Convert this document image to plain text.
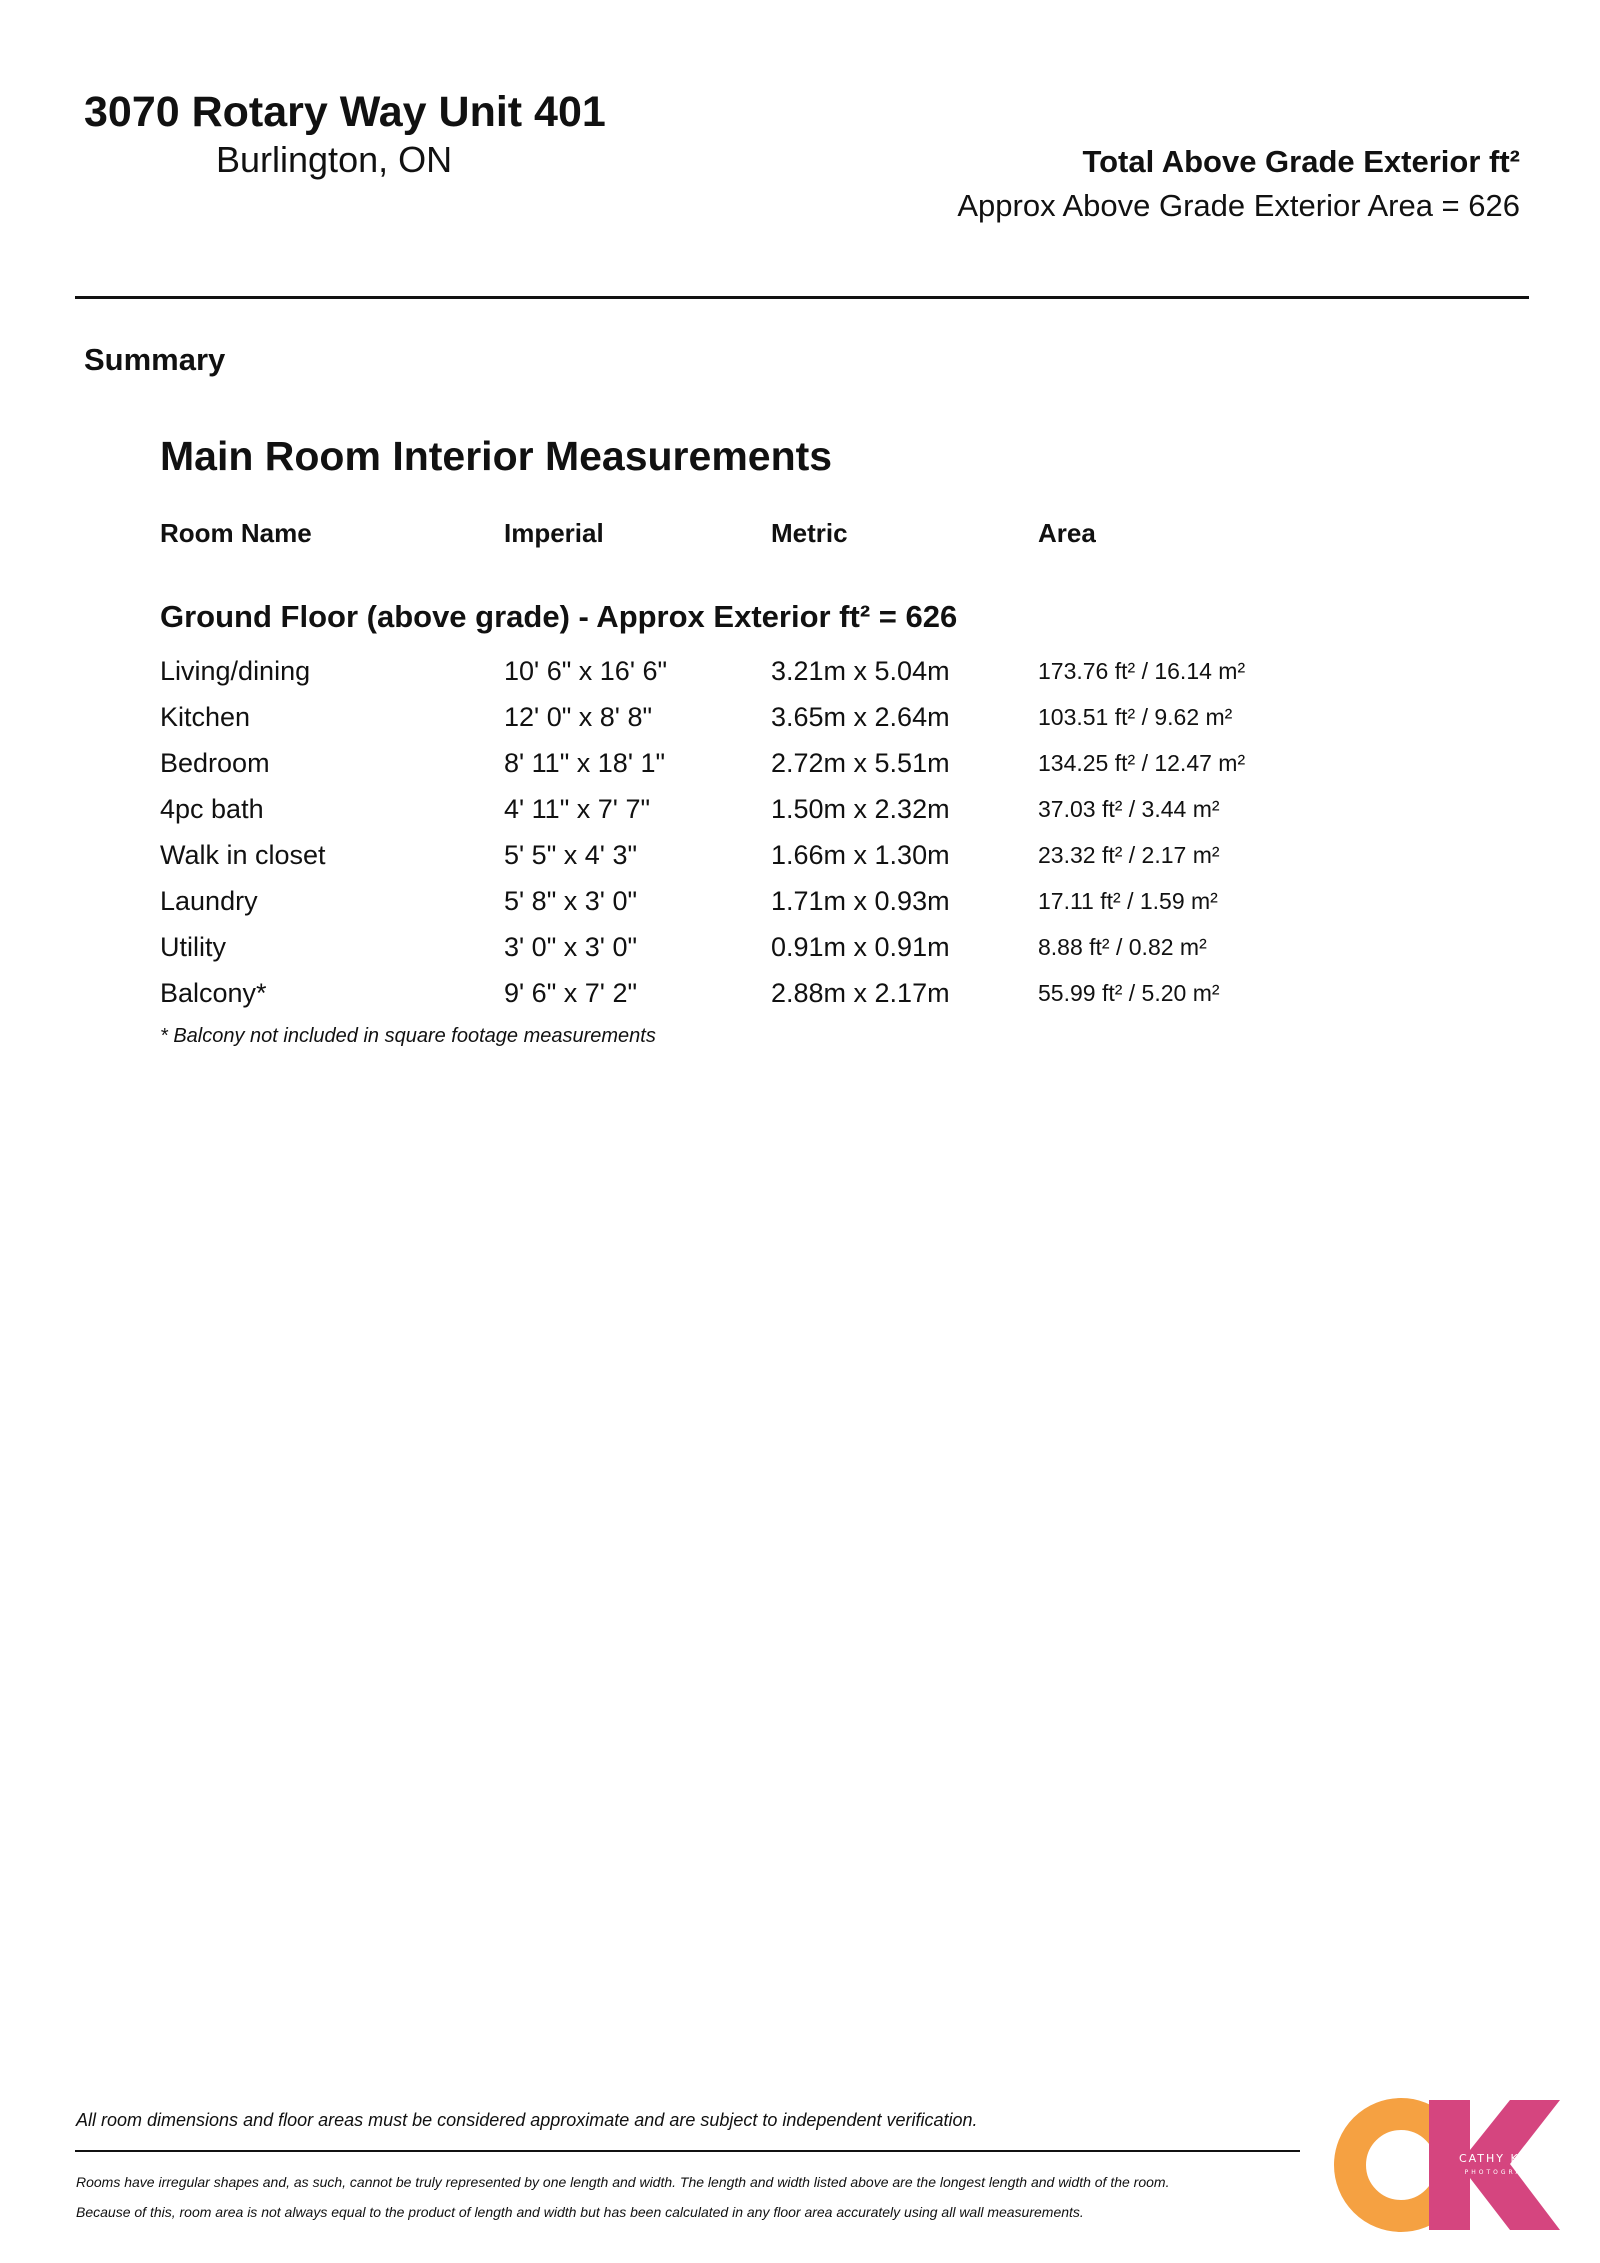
3070 Rotary Way Unit 401
Burlington, ON	Total Above Grade Exterior ft²
Approx Above Grade Exterior Area = 626
Summary
Main Room Interior Measurements
Room Name	Imperial	Metric	Area
Ground Floor (above grade) - Approx Exterior ft² = 626
Living/dining	10' 6" x 16' 6"	3.21m x 5.04m	173.76 ft² / 16.14 m²
Kitchen	12' 0" x 8' 8"	3.65m x 2.64m	103.51 ft² / 9.62 m²
Bedroom	8' 11" x 18' 1"	2.72m x 5.51m	134.25 ft² / 12.47 m²
4pc bath	4' 11" x 7' 7"	1.50m x 2.32m	37.03 ft² / 3.44 m²
Walk in closet	5' 5" x 4' 3"	1.66m x 1.30m	23.32 ft² / 2.17 m²
Laundry	5' 8" x 3' 0"	1.71m x 0.93m	17.11 ft² / 1.59 m²
Utility	3' 0" x 3' 0"	0.91m x 0.91m	8.88 ft² / 0.82 m²
Balcony*	9' 6" x 7' 2"	2.88m x 2.17m	55.99 ft² / 5.20 m²
* Balcony not included in square footage measurements
All room dimensions and floor areas must be considered approximate and are subject to independent verification.
Rooms have irregular shapes and, as such, cannot be truly represented by one length and width. The length and width listed above are the longest length and width of the room.
Because of this, room area is not always equal to the product of length and width but has been calculated in any floor area accurately using all wall measurements.
CATHY KOOP
PHOTOGRAPHY
